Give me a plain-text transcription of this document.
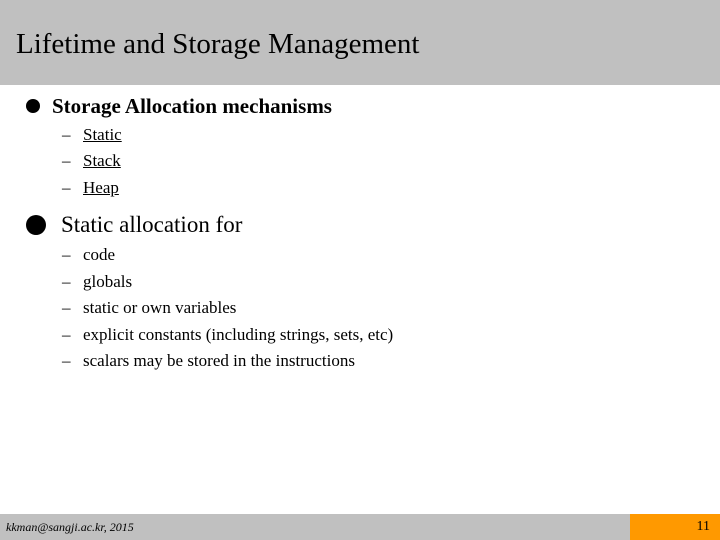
Lifetime and Storage Management
Storage Allocation mechanisms
– Static
– Stack
– Heap
Static allocation for
– code
– globals
– static or own variables
– explicit constants (including strings, sets, etc)
– scalars may be stored in the instructions
kkman@sangji.ac.kr, 2015	11
